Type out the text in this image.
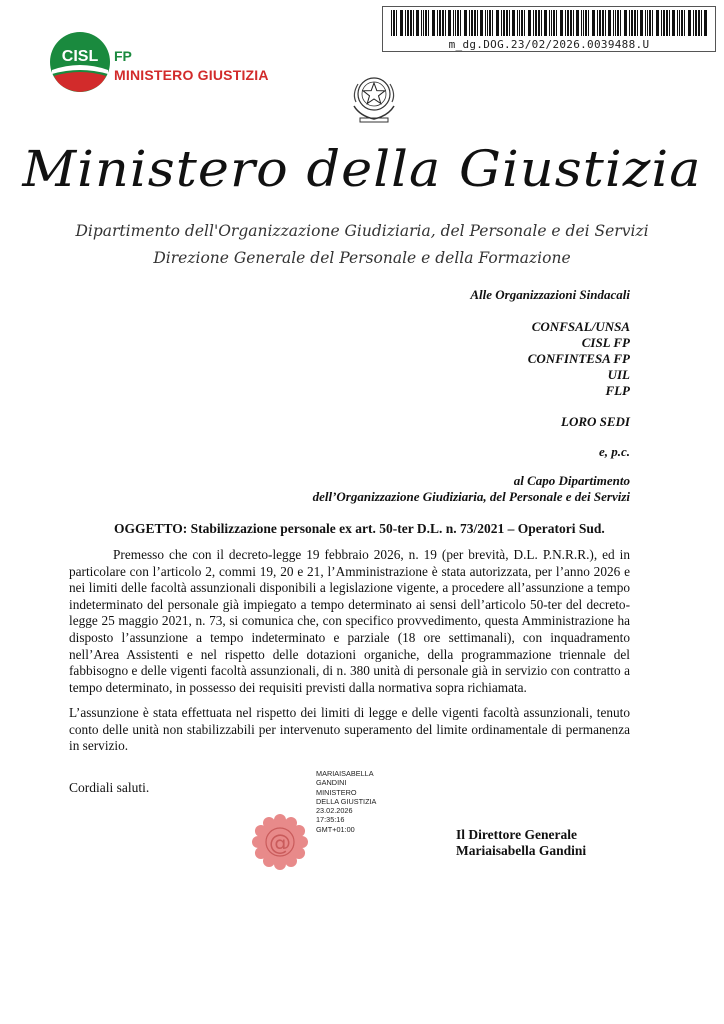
m_dg.DOG.23/02/2026.0039488.U
CISL FP
MINISTERO GIUSTIZIA
Ministero della Giustizia
Dipartimento dell'Organizzazione Giudiziaria, del Personale e dei Servizi
Direzione Generale del Personale e della Formazione
Alle Organizzazioni Sindacali
CONFSAL/UNSA
CISL FP
CONFINTESA FP
UIL
FLP
LORO SEDI
e, p.c.
al Capo Dipartimento
dell’Organizzazione Giudiziaria, del Personale e dei Servizi
OGGETTO: Stabilizzazione personale ex art. 50-ter D.L. n. 73/2021 – Operatori Sud.

Premesso che con il decreto-legge 19 febbraio 2026, n. 19 (per brevità, D.L. P.N.R.R.), ed in particolare con l’articolo 2, commi 19, 20 e 21, l’Amministrazione è stata autorizzata, per l’anno 2026 e nei limiti delle facoltà assunzionali disponibili a legislazione vigente, a procedere all’assunzione a tempo indeterminato del personale già impiegato a tempo determinato ai sensi dell’articolo 50-ter del decreto-legge 25 maggio 2021, n. 73, si comunica che, con specifico provvedimento, questa Amministrazione ha disposto l’assunzione a tempo indeterminato e parziale (18 ore settimanali), con inquadramento nell’Area Assistenti e nel rispetto delle dotazioni organiche, della programmazione triennale del fabbisogno e delle vigenti facoltà assunzionali, di n. 380 unità di personale già in servizio con contratto a tempo determinato, in possesso dei requisiti previsti dalla normativa sopra richiamata.

L’assunzione è stata effettuata nel rispetto dei limiti di legge e delle vigenti facoltà assunzionali, tenuto conto delle unità non stabilizzabili per intervenuto superamento del limite ordinamentale di permanenza in servizio.

Cordiali saluti.
MARIAISABELLA
GANDINI
MINISTERO
DELLA GIUSTIZIA
23.02.2026
17:35:16
GMT+01:00
@	Il Direttore Generale
Mariaisabella Gandini
